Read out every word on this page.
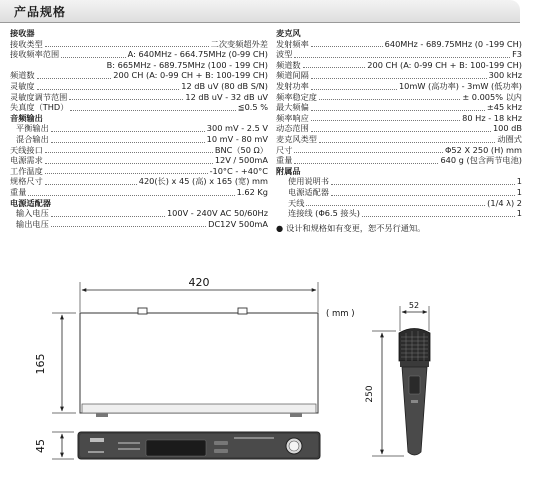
产品规格
接收器
接收类型	二次变频超外差
接收频率范围	A: 640MHz - 664.75MHz (0-99 CH)
B: 665MHz - 689.75MHz (100 - 199 CH)
频道数	200 CH (A: 0-99 CH + B: 100-199 CH)
灵敏度	12 dB uV (80 dB S/N)
灵敏度调节范围	12 dB uV - 32 dB uV
失真度（THD）	≦0.5 %
音频输出
平衡输出	300 mV - 2.5 V
混合输出	10 mV - 80 mV
天线接口	BNC（50 Ω）
电源需求	12V / 500mA
工作温度	-10°C - +40°C
规格尺寸	420(长) x 45 (高) x 165 (宽) mm
重量	1.62 Kg
电源适配器
输入电压	100V - 240V AC 50/60Hz
输出电压	DC12V 500mA
麦克风
发射频率	640MHz - 689.75MHz (0 -199 CH)
波型	F3
频道数	200 CH (A: 0-99 CH + B: 100-199 CH)
频道间隔	300 kHz
发射功率	10mW (高功率) - 3mW (低功率)
频率稳定度	± 0.005% 以内
最大频偏	±45 kHz
频率响应	80 Hz - 18 kHz
动态范围	100 dB
麦克风类型	动圈式
尺寸	Φ52 X 250 (H) mm
重量	640 g (包含两节电池)
附属品
使用说明书	1
电源适配器	1
天线	(1/4 λ) 2
连接线 (Φ6.5 接头)	1
● 设计和规格如有变更，恕不另行通知。
420
( mm )
165
45
52
250
